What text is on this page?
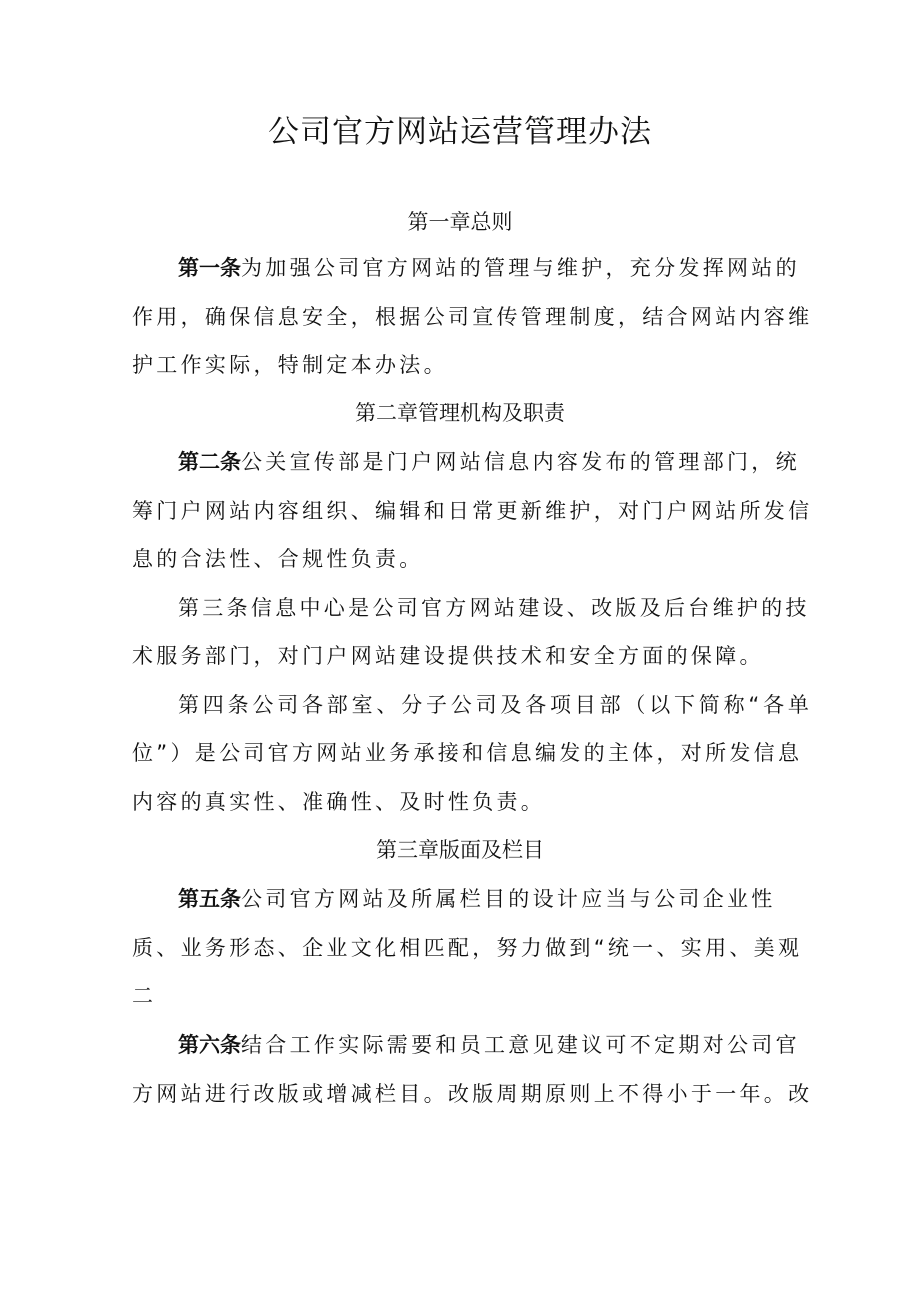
公司官方网站运营管理办法
第一章总则
第一条为加强公司官方网站的管理与维护，充分发挥网站的
作用，确保信息安全，根据公司宣传管理制度，结合网站内容维
护工作实际，特制定本办法。
第二章管理机构及职责
第二条公关宣传部是门户网站信息内容发布的管理部门，统
筹门户网站内容组织、编辑和日常更新维护，对门户网站所发信
息的合法性、合规性负责。
第三条信息中心是公司官方网站建设、改版及后台维护的技
术服务部门，对门户网站建设提供技术和安全方面的保障。
第四条公司各部室、分子公司及各项目部（以下简称“各单
位”）是公司官方网站业务承接和信息编发的主体，对所发信息
内容的真实性、准确性、及时性负责。
第三章版面及栏目
第五条公司官方网站及所属栏目的设计应当与公司企业性
质、业务形态、企业文化相匹配，努力做到“统一、实用、美观
二
第六条结合工作实际需要和员工意见建议可不定期对公司官
方网站进行改版或增减栏目。改版周期原则上不得小于一年。改
